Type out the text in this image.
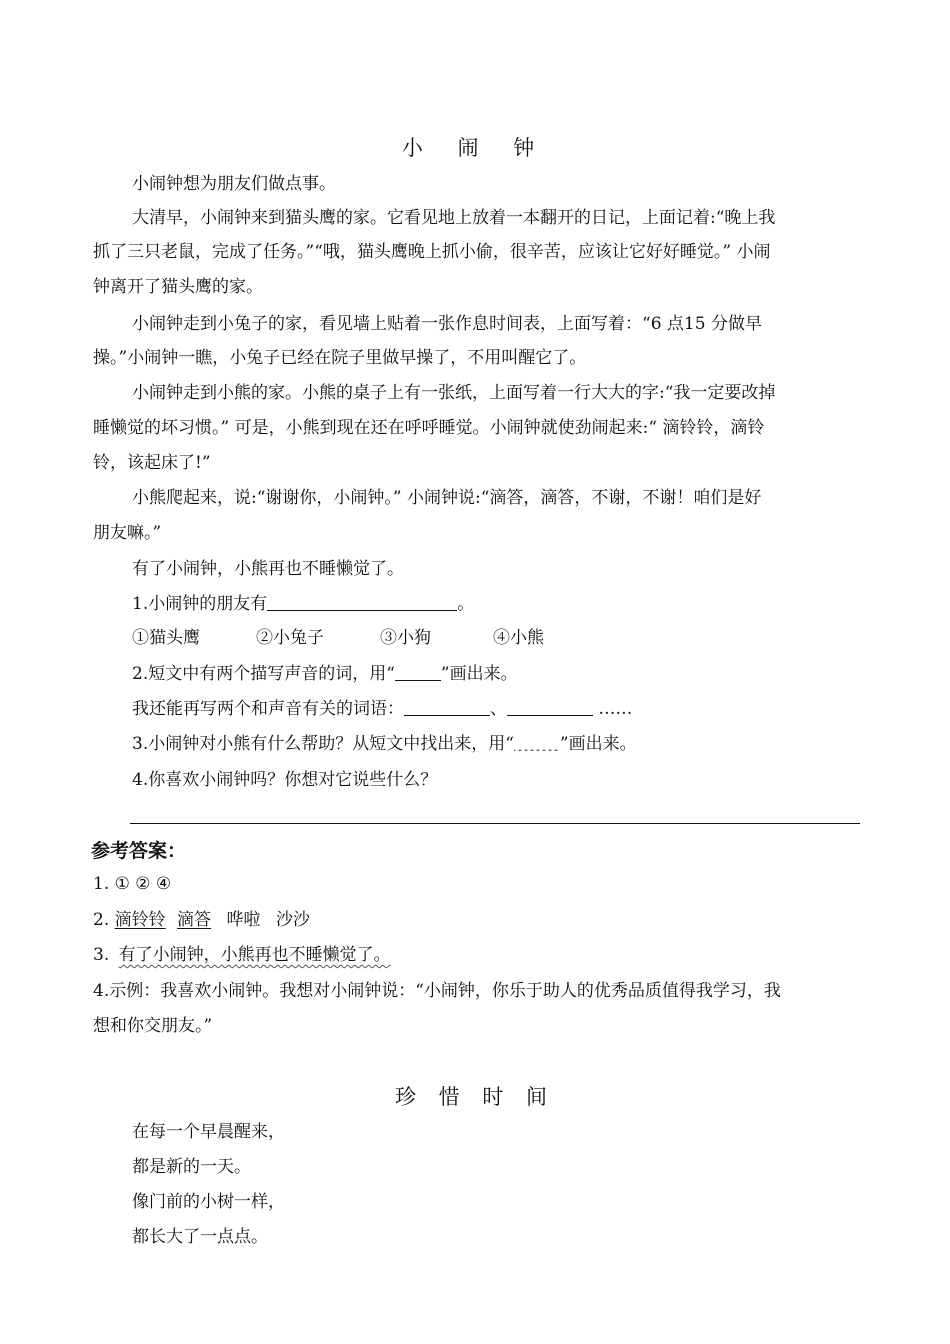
小 闹 钟
小闹钟想为朋友们做点事。
大清早，小闹钟来到猫头鹰的家。它看见地上放着一本翻开的日记，上面记着:“晚上我
抓了三只老鼠，完成了任务。”“哦，猫头鹰晚上抓小偷，很辛苦，应该让它好好睡觉。” 小闹
钟离开了猫头鹰的家。
小闹钟走到小兔子的家，看见墙上贴着一张作息时间表，上面写着：“6 点15 分做早
操。”小闹钟一瞧，小兔子已经在院子里做早操了，不用叫醒它了。
小闹钟走到小熊的家。小熊的桌子上有一张纸，上面写着一行大大的字:“我一定要改掉
睡懒觉的坏习惯。” 可是，小熊到现在还在呼呼睡觉。小闹钟就使劲闹起来:“ 滴铃铃，滴铃
铃，该起床了!”
小熊爬起来，说:“谢谢你，小闹钟。” 小闹钟说:“滴答，滴答，不谢，不谢！咱们是好
朋友嘛。”
有了小闹钟，小熊再也不睡懒觉了。
1.小闹钟的朋友有	。
①猫头鹰	②小兔子	③小狗	④小熊
2.短文中有两个描写声音的词，用“	”画出来。
我还能再写两个和声音有关的词语：	、	……
3.小闹钟对小熊有什么帮助？从短文中找出来，用“	”画出来。
4.你喜欢小闹钟吗？你想对它说些什么？
参考答案：
1. ① ② ④
2. 滴铃铃 滴答 哗啦 沙沙
3. 有了小闹钟，小熊再也不睡懒觉了。
4.示例：我喜欢小闹钟。我想对小闹钟说：“小闹钟，你乐于助人的优秀品质值得我学习，我
想和你交朋友。”
珍 惜 时 间
在每一个早晨醒来，
都是新的一天。
像门前的小树一样，
都长大了一点点。
